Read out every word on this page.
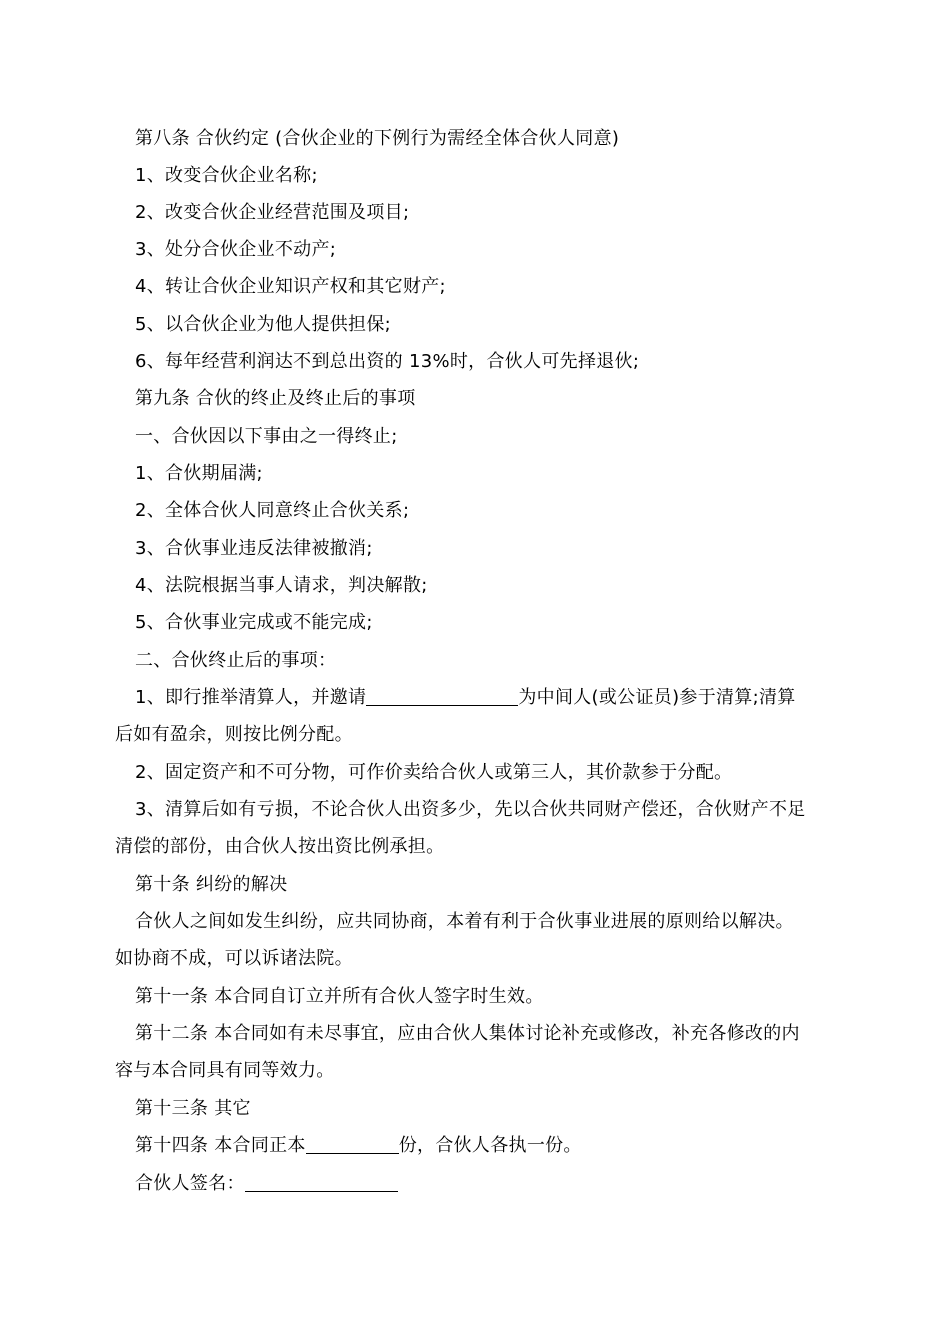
第八条 合伙约定 (合伙企业的下例行为需经全体合伙人同意)
1、改变合伙企业名称;
2、改变合伙企业经营范围及项目;
3、处分合伙企业不动产;
4、转让合伙企业知识产权和其它财产;
5、以合伙企业为他人提供担保;
6、每年经营利润达不到总出资的 13%时，合伙人可先择退伙;
第九条 合伙的终止及终止后的事项
一、合伙因以下事由之一得终止;
1、合伙期届满;
2、全体合伙人同意终止合伙关系;
3、合伙事业违反法律被撤消;
4、法院根据当事人请求，判决解散;
5、合伙事业完成或不能完成;
二、合伙终止后的事项：
1、即行推举清算人，并邀请	为中间人(或公证员)参于清算;清算
后如有盈余，则按比例分配。
2、固定资产和不可分物，可作价卖给合伙人或第三人，其价款参于分配。
3、清算后如有亏损，不论合伙人出资多少，先以合伙共同财产偿还，合伙财产不足
清偿的部份，由合伙人按出资比例承担。
第十条 纠纷的解决
合伙人之间如发生纠纷，应共同协商，本着有利于合伙事业进展的原则给以解决。
如协商不成，可以诉诸法院。
第十一条 本合同自订立并所有合伙人签字时生效。
第十二条 本合同如有未尽事宜，应由合伙人集体讨论补充或修改，补充各修改的内
容与本合同具有同等效力。
第十三条 其它
第十四条 本合同正本	份，合伙人各执一份。
合伙人签名：
